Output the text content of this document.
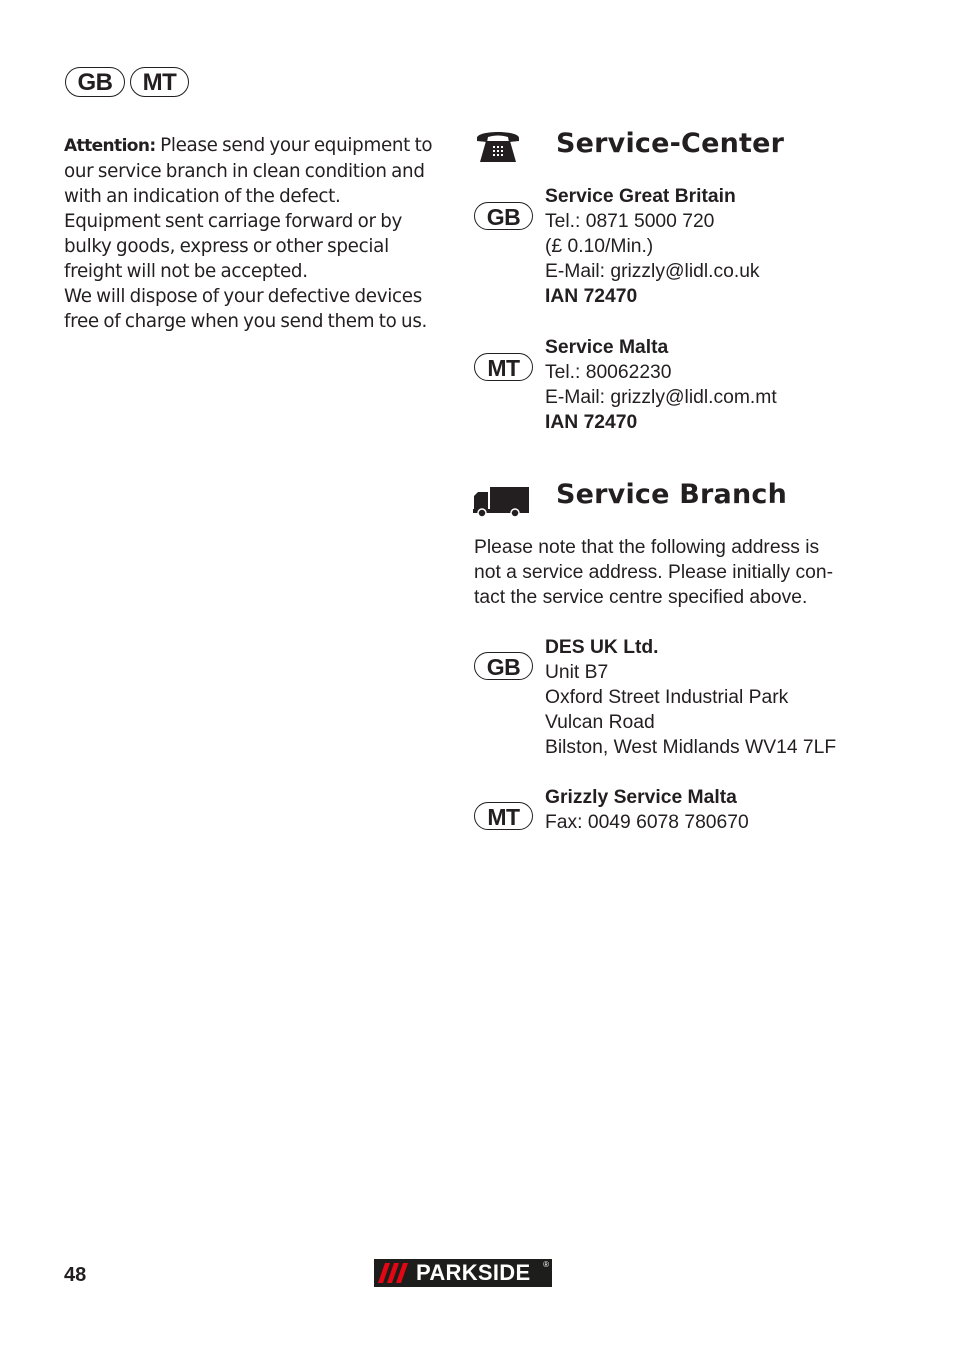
GB	MT
Attention: Please send your equipment to
our service branch in clean condition and
with an indication of the defect.
Equipment sent carriage forward or by
bulky goods, express or other special
freight will not be accepted.
We will dispose of your defective devices
free of charge when you send them to us.
Service-Center
GB
Service Great Britain
Tel.: 0871 5000 720
(£ 0.10/Min.)
E-Mail: grizzly@lidl.co.uk
IAN 72470
MT
Service Malta
Tel.: 80062230
E-Mail: grizzly@lidl.com.mt
IAN 72470
Service Branch
Please note that the following address is
not a service address. Please initially con-
tact the service centre specified above.
GB
DES UK Ltd.
Unit B7
Oxford Street Industrial Park
Vulcan Road
Bilston, West Midlands WV14 7LF
MT
Grizzly Service Malta
Fax: 0049 6078 780670
48	PARKSIDE ®
